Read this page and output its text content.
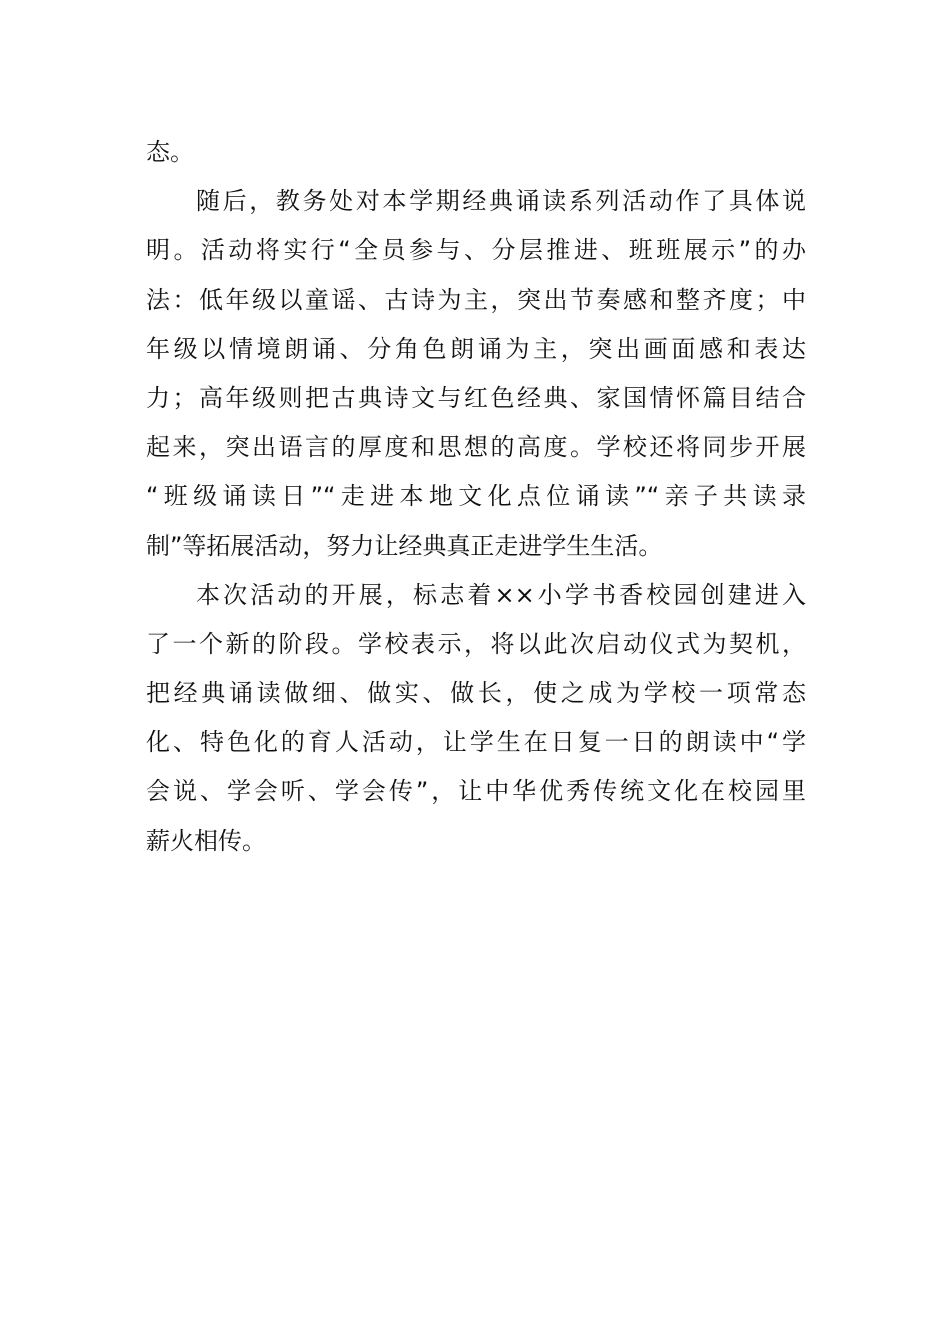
态。
随后，教务处对本学期经典诵读系列活动作了具体说
明。活动将实行“全员参与、分层推进、班班展示”的办
法：低年级以童谣、古诗为主，突出节奏感和整齐度；中
年级以情境朗诵、分角色朗诵为主，突出画面感和表达
力；高年级则把古典诗文与红色经典、家国情怀篇目结合
起来，突出语言的厚度和思想的高度。学校还将同步开展
“班级诵读日”“走进本地文化点位诵读”“亲子共读录
制”等拓展活动，努力让经典真正走进学生生活。
本次活动的开展，标志着××小学书香校园创建进入
了一个新的阶段。学校表示，将以此次启动仪式为契机，
把经典诵读做细、做实、做长，使之成为学校一项常态
化、特色化的育人活动，让学生在日复一日的朗读中“学
会说、学会听、学会传”，让中华优秀传统文化在校园里
薪火相传。
